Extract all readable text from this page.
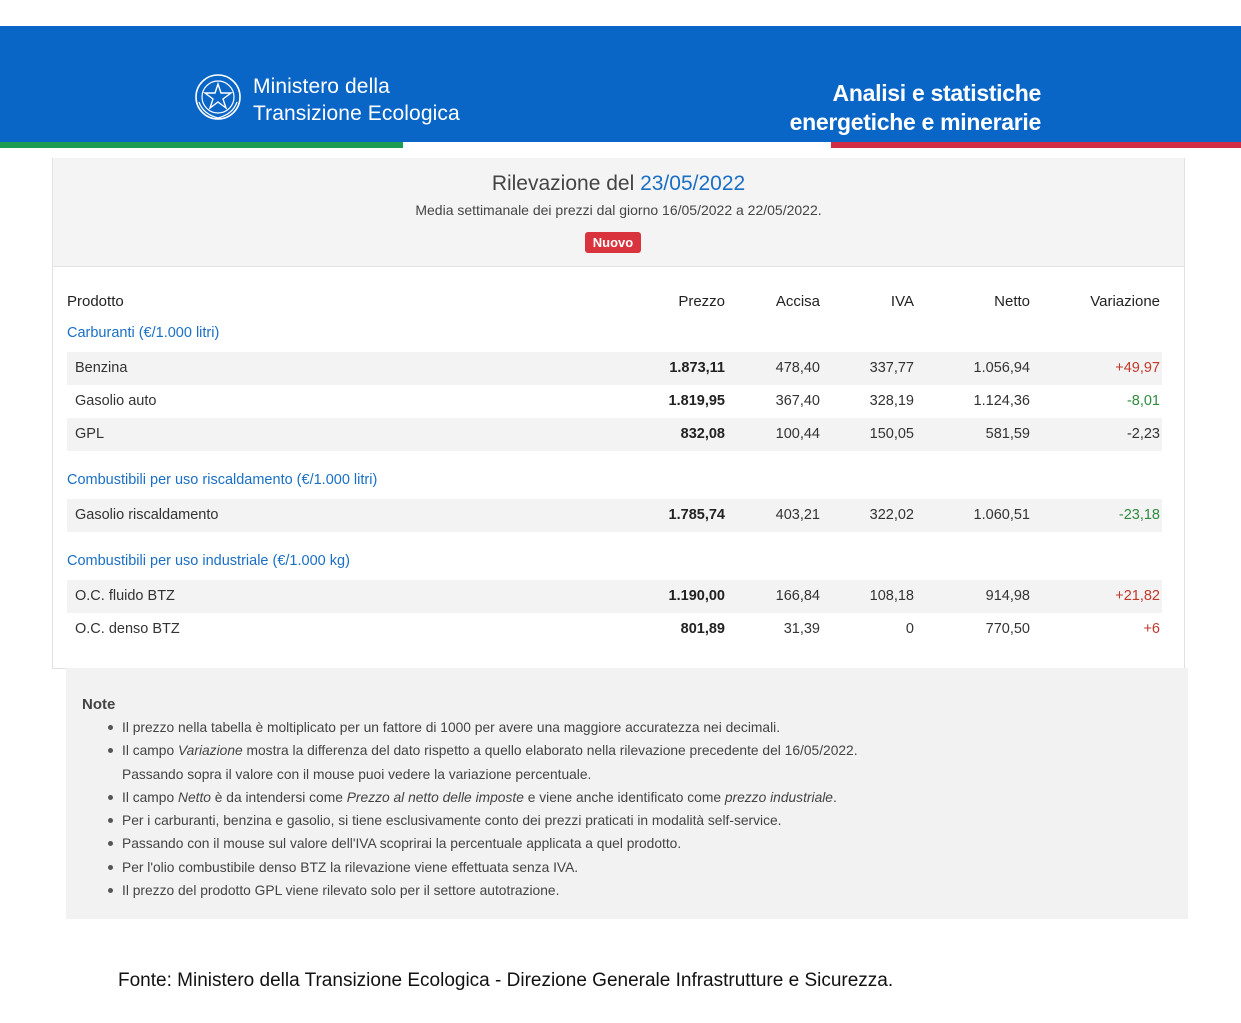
Ministero della
Transizione Ecologica
Analisi e statistiche
energetiche e minerarie
Rilevazione del 23/05/2022
Media settimanale dei prezzi dal giorno 16/05/2022 a 22/05/2022.
Nuovo
Prodotto	Prezzo	Accisa	IVA	Netto	Variazione
Carburanti (€/1.000 litri)
Benzina	1.873,11	478,40	337,77	1.056,94	+49,97
Gasolio auto	1.819,95	367,40	328,19	1.124,36	-8,01
GPL	832,08	100,44	150,05	581,59	-2,23
Combustibili per uso riscaldamento (€/1.000 litri)
Gasolio riscaldamento	1.785,74	403,21	322,02	1.060,51	-23,18
Combustibili per uso industriale (€/1.000 kg)
O.C. fluido BTZ	1.190,00	166,84	108,18	914,98	+21,82
O.C. denso BTZ	801,89	31,39	0	770,50	+6
Note
Il prezzo nella tabella è moltiplicato per un fattore di 1000 per avere una maggiore accuratezza nei decimali.
Il campo Variazione mostra la differenza del dato rispetto a quello elaborato nella rilevazione precedente del 16/05/2022.
Passando sopra il valore con il mouse puoi vedere la variazione percentuale.
Il campo Netto è da intendersi come Prezzo al netto delle imposte e viene anche identificato come prezzo industriale.
Per i carburanti, benzina e gasolio, si tiene esclusivamente conto dei prezzi praticati in modalità self-service.
Passando con il mouse sul valore dell'IVA scoprirai la percentuale applicata a quel prodotto.
Per l'olio combustibile denso BTZ la rilevazione viene effettuata senza IVA.
Il prezzo del prodotto GPL viene rilevato solo per il settore autotrazione.
Fonte: Ministero della Transizione Ecologica - Direzione Generale Infrastrutture e Sicurezza.
